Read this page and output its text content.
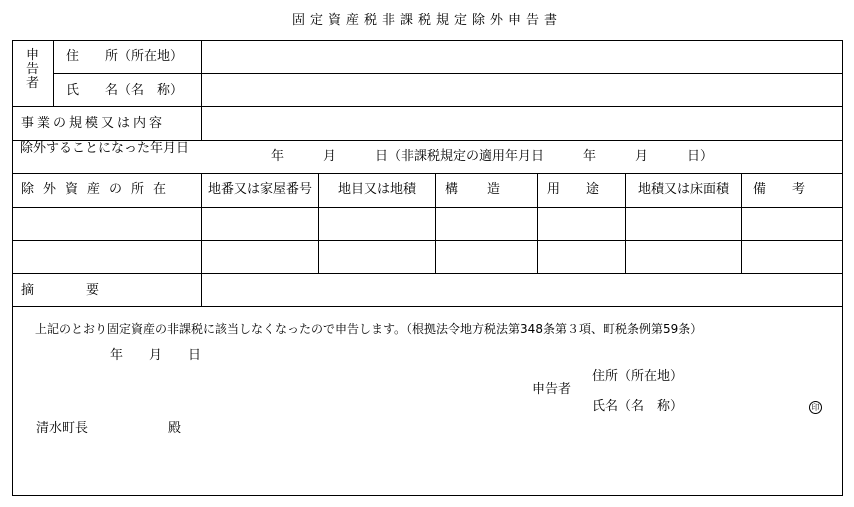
固定資産税非課税規定除外申告書
申
告
者
住　　所（所在地）
氏　　名（名　称）
事業の規模又は内容
除外することになった年月日
年　　　月　　　日（非課税規定の適用年月日　　　年　　　月　　　日）
除外資産の所在	地番又は家屋番号	地目又は地積	構　　造	用　　途	地積又は床面積	備　　考
摘　　　　要
上記のとおり固定資産の非課税に該当しなくなったので申告します。（根拠法令地方税法第348条第３項、町税条例第59条）
年　　月　　日
申告者
住所（所在地）
氏名（名　称）	印
清水町長	殿
